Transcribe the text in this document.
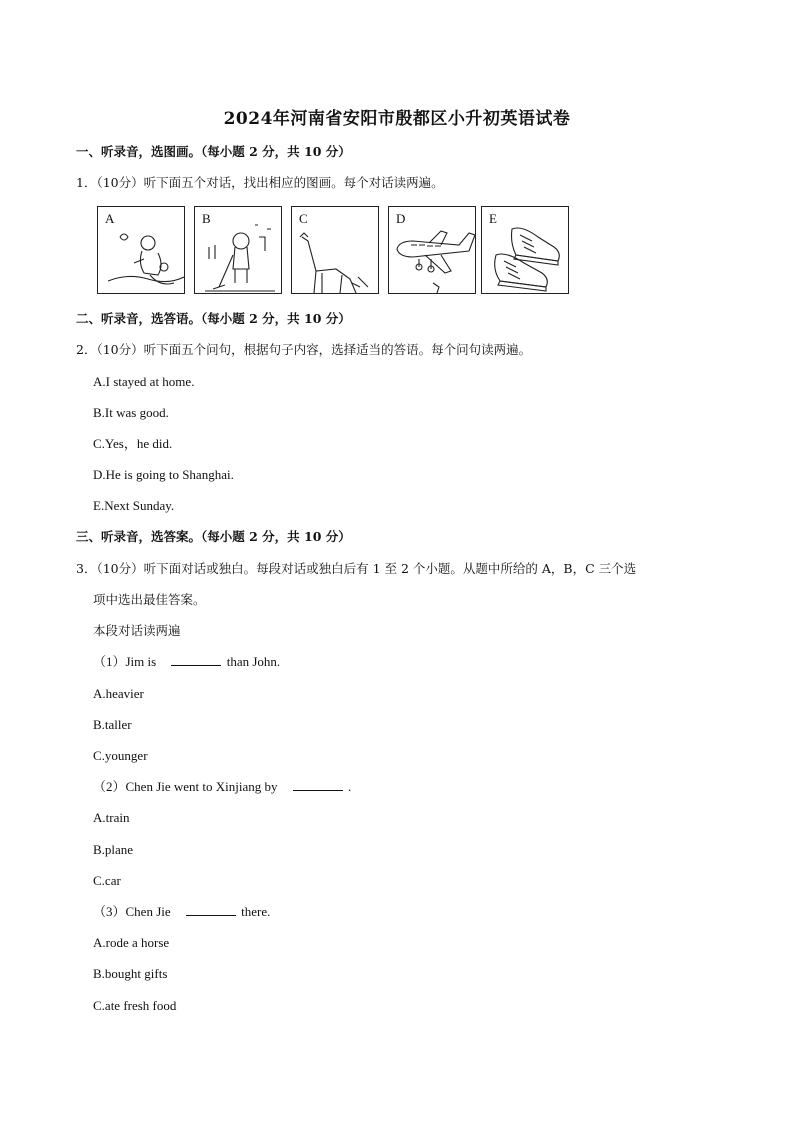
2024年河南省安阳市殷都区小升初英语试卷
一、听录音，选图画。（每小题 2 分，共 10 分）
1．（10分）听下面五个对话，找出相应的图画。每个对话读两遍。
A	B	C	D	E
二、听录音，选答语。（每小题 2 分，共 10 分）
2．（10分）听下面五个问句，根据句子内容，选择适当的答语。每个问句读两遍。
A.I stayed at home.
B.It was good.
C.Yes，he did.
D.He is going to Shanghai.
E.Next Sunday.
三、听录音，选答案。（每小题 2 分，共 10 分）
3．（10分）听下面对话或独白。每段对话或独白后有 1 至 2 个小题。从题中所给的 A，B，C 三个选
项中选出最佳答案。
本段对话读两遍
（1）Jim is	than John.
A.heavier
B.taller
C.younger
（2）Chen Jie went to Xinjiang by	.
A.train
B.plane
C.car
（3）Chen Jie	there.
A.rode a horse
B.bought gifts
C.ate fresh food
